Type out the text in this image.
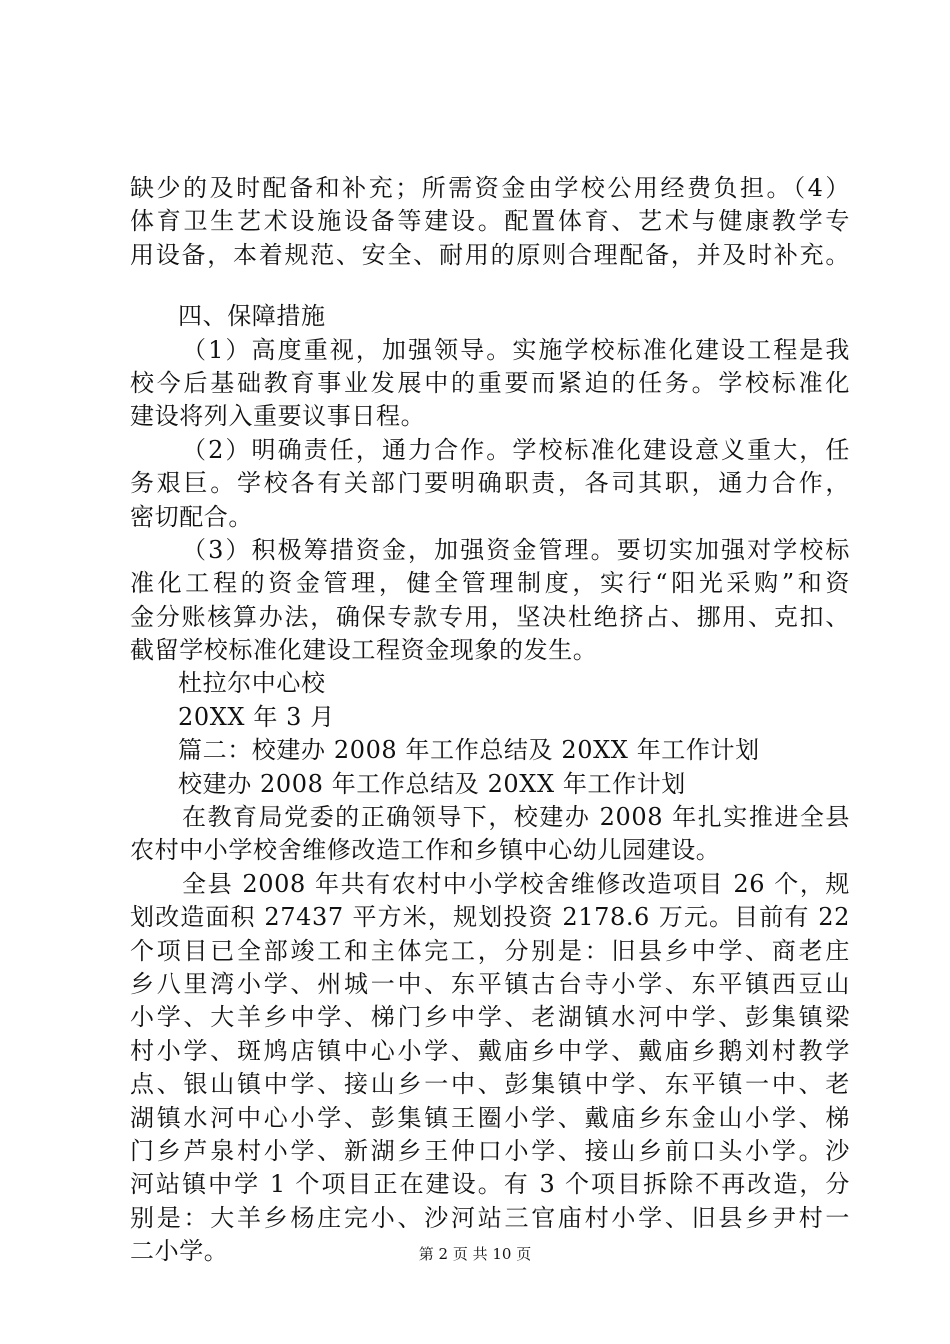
缺少的及时配备和补充；所需资金由学校公用经费负担。（4）
体育卫生艺术设施设备等建设。配置体育、艺术与健康教学专
用设备，本着规范、安全、耐用的原则合理配备，并及时补充。
四、保障措施
（1）高度重视，加强领导。实施学校标准化建设工程是我
校今后基础教育事业发展中的重要而紧迫的任务。学校标准化
建设将列入重要议事日程。
（2）明确责任，通力合作。学校标准化建设意义重大，任
务艰巨。学校各有关部门要明确职责，各司其职，通力合作，
密切配合。
（3）积极筹措资金，加强资金管理。要切实加强对学校标
准化工程的资金管理，健全管理制度，实行“阳光采购”和资
金分账核算办法，确保专款专用，坚决杜绝挤占、挪用、克扣、
截留学校标准化建设工程资金现象的发生。
杜拉尔中心校
20XX 年 3 月
篇二：校建办 2008 年工作总结及 20XX 年工作计划
校建办 2008 年工作总结及 20XX 年工作计划
在教育局党委的正确领导下，校建办 2008 年扎实推进全县
农村中小学校舍维修改造工作和乡镇中心幼儿园建设。
全县 2008 年共有农村中小学校舍维修改造项目 26 个，规
划改造面积 27437 平方米，规划投资 2178.6 万元。目前有 22
个项目已全部竣工和主体完工，分别是：旧县乡中学、商老庄
乡八里湾小学、州城一中、东平镇古台寺小学、东平镇西豆山
小学、大羊乡中学、梯门乡中学、老湖镇水河中学、彭集镇梁
村小学、斑鸠店镇中心小学、戴庙乡中学、戴庙乡鹅刘村教学
点、银山镇中学、接山乡一中、彭集镇中学、东平镇一中、老
湖镇水河中心小学、彭集镇王圈小学、戴庙乡东金山小学、梯
门乡芦泉村小学、新湖乡王仲口小学、接山乡前口头小学。沙
河站镇中学 1 个项目正在建设。有 3 个项目拆除不再改造，分
别是：大羊乡杨庄完小、沙河站三官庙村小学、旧县乡尹村一
二小学。	第 2 页 共 10 页
